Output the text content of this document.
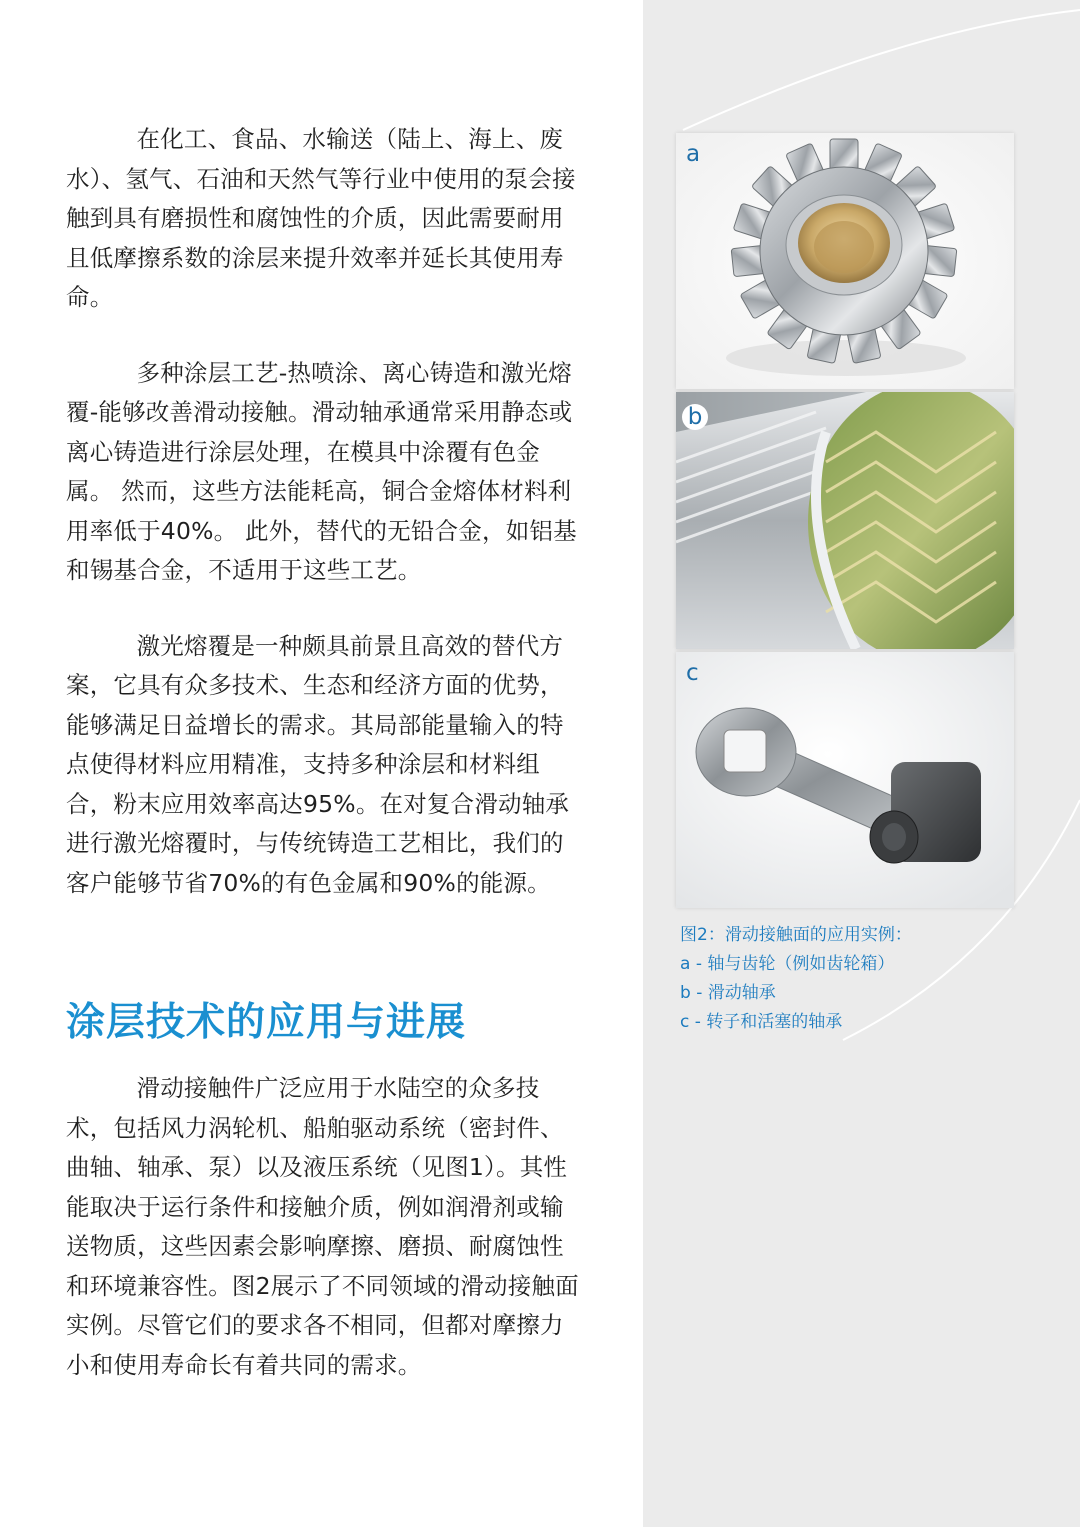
在化工、食品、水输送（陆上、海上、废水）、氢气、石油和天然气等行业中使用的泵会接触到具有磨损性和腐蚀性的介质，因此需要耐用且低摩擦系数的涂层来提升效率并延长其使用寿命。

多种涂层工艺-热喷涂、离心铸造和激光熔覆-能够改善滑动接触。滑动轴承通常采用静态或离心铸造进行涂层处理，在模具中涂覆有色金属。 然而，这些方法能耗高，铜合金熔体材料利用率低于40%。 此外，替代的无铅合金，如铝基和锡基合金，不适用于这些工艺。

激光熔覆是一种颇具前景且高效的替代方案，它具有众多技术、生态和经济方面的优势，能够满足日益增长的需求。其局部能量输入的特点使得材料应用精准，支持多种涂层和材料组合，粉末应用效率高达95%。在对复合滑动轴承进行激光熔覆时，与传统铸造工艺相比，我们的客户能够节省70%的有色金属和90%的能源。

涂层技术的应用与进展

滑动接触件广泛应用于水陆空的众多技术，包括风力涡轮机、船舶驱动系统（密封件、曲轴、轴承、泵）以及液压系统（见图1）。其性能取决于运行条件和接触介质，例如润滑剂或输送物质，这些因素会影响摩擦、磨损、耐腐蚀性和环境兼容性。图2展示了不同领域的滑动接触面实例。尽管它们的要求各不相同，但都对摩擦力小和使用寿命长有着共同的需求。

a
b
c
图2：滑动接触面的应用实例：
a - 轴与齿轮（例如齿轮箱）
b - 滑动轴承
c - 转子和活塞的轴承
